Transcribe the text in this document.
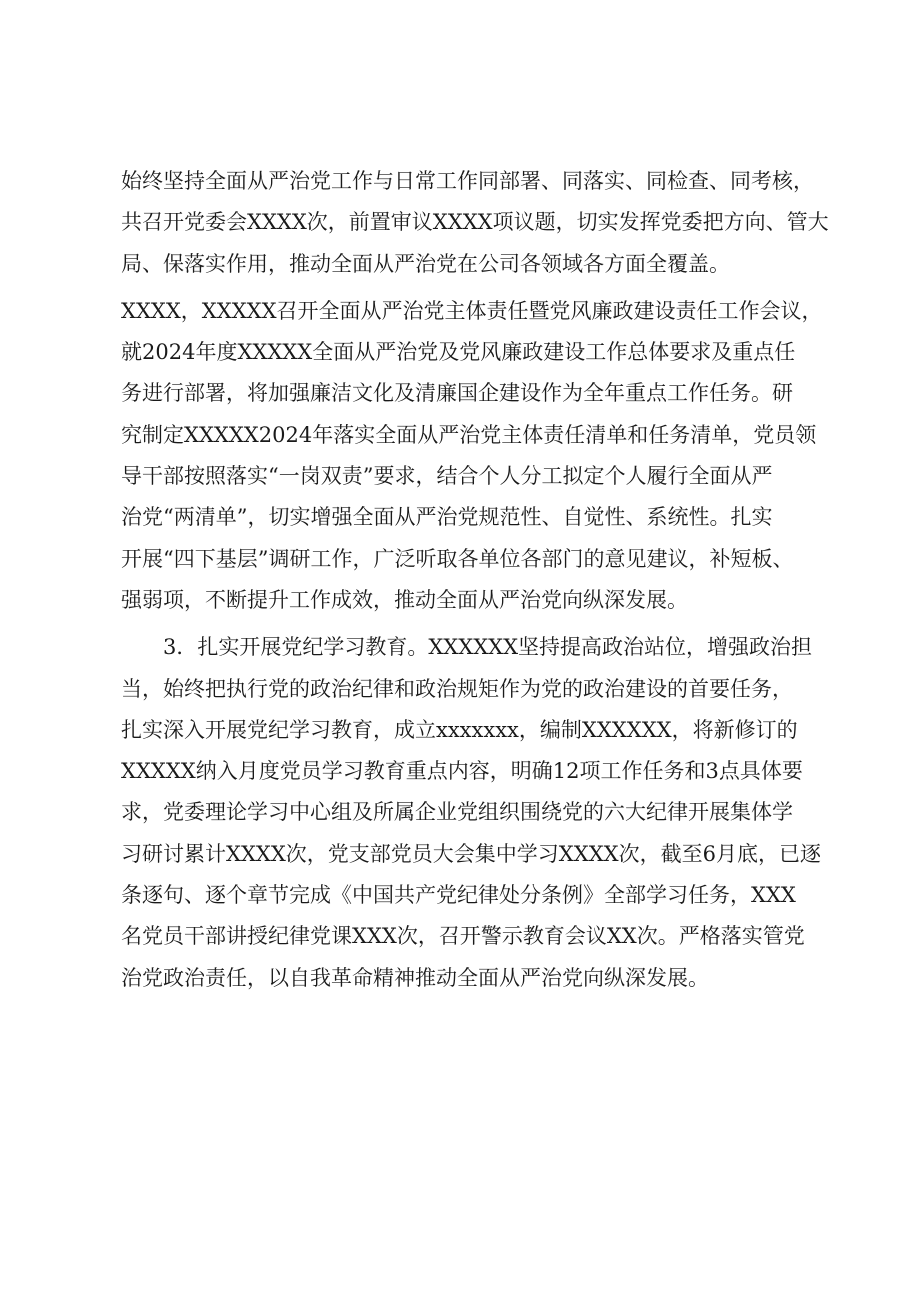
始终坚持全面从严治党工作与日常工作同部署、同落实、同检查、同考核，
共召开党委会XXXX次，前置审议XXXX项议题，切实发挥党委把方向、管大
局、保落实作用，推动全面从严治党在公司各领域各方面全覆盖。
XXXX，XXXXX召开全面从严治党主体责任暨党风廉政建设责任工作会议，
就2024年度XXXXX全面从严治党及党风廉政建设工作总体要求及重点任
务进行部署，将加强廉洁文化及清廉国企建设作为全年重点工作任务。研
究制定XXXXX2024年落实全面从严治党主体责任清单和任务清单，党员领
导干部按照落实“一岗双责”要求，结合个人分工拟定个人履行全面从严
治党“两清单”，切实增强全面从严治党规范性、自觉性、系统性。扎实
开展“四下基层”调研工作，广泛听取各单位各部门的意见建议，补短板、
强弱项，不断提升工作成效，推动全面从严治党向纵深发展。
3．扎实开展党纪学习教育。XXXXXX坚持提高政治站位，增强政治担
当，始终把执行党的政治纪律和政治规矩作为党的政治建设的首要任务，
扎实深入开展党纪学习教育，成立xxxxxxx，编制XXXXXX，将新修订的
XXXXX纳入月度党员学习教育重点内容，明确12项工作任务和3点具体要
求，党委理论学习中心组及所属企业党组织围绕党的六大纪律开展集体学
习研讨累计XXXX次，党支部党员大会集中学习XXXX次，截至6月底，已逐
条逐句、逐个章节完成《中国共产党纪律处分条例》全部学习任务，XXX
名党员干部讲授纪律党课XXX次，召开警示教育会议XX次。严格落实管党
治党政治责任，以自我革命精神推动全面从严治党向纵深发展。
